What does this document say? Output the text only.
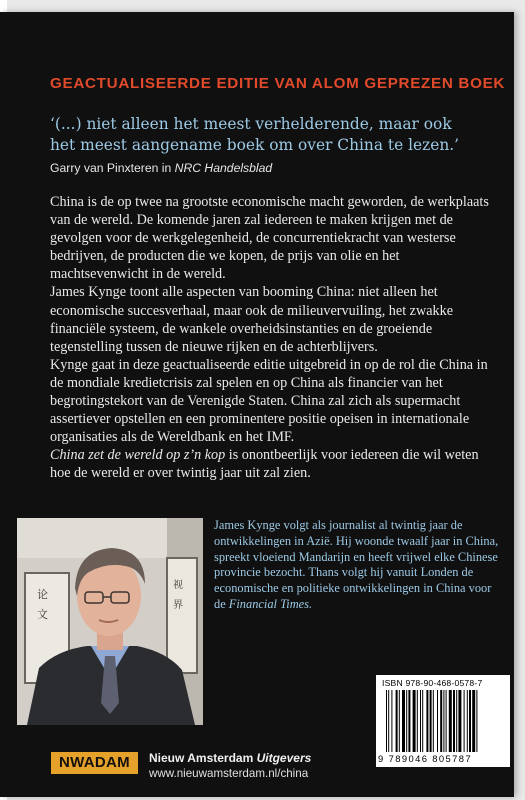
GEACTUALISEERDE EDITIE VAN ALOM GEPREZEN BOEK
‘(...) niet alleen het meest verhelderende, maar ook
het meest aangename boek om over China te lezen.’
Garry van Pinxteren in NRC Handelsblad

China is de op twee na grootste economische macht geworden, de werkplaats van de wereld. De komende jaren zal iedereen te maken krijgen met de gevolgen voor de werkgelegenheid, de concurrentiekracht van westerse bedrijven, de producten die we kopen, de prijs van olie en het machtsevenwicht in de wereld.

James Kynge toont alle aspecten van booming China: niet alleen het economische succesverhaal, maar ook de milieuvervuiling, het zwakke financiële systeem, de wankele overheidsinstanties en de groeiende tegenstelling tussen de nieuwe rijken en de achterblijvers.

Kynge gaat in deze geactualiseerde editie uitgebreid in op de rol die China in de mondiale kredietcrisis zal spelen en op China als financier van het begrotingstekort van de Verenigde Staten. China zal zich als supermacht assertiever opstellen en een prominentere positie opeisen in internationale organisaties als de Wereldbank en het IMF.

China zet de wereld op z’n kop is onontbeerlijk voor iedereen die wil weten hoe de wereld er over twintig jaar uit zal zien.

论
文
视
界
James Kynge volgt als journalist al twintig jaar de ontwikkelingen in Azië. Hij woonde twaalf jaar in China, spreekt vloeiend Mandarijn en heeft vrijwel elke Chinese provincie bezocht. Thans volgt hij vanuit Londen de economische en politieke ontwikkelingen in China voor de Financial Times.
ISBN 978-90-468-0578-7
9 789046 805787
NWADAM	Nieuw Amsterdam Uitgevers
www.nieuwamsterdam.nl/china
